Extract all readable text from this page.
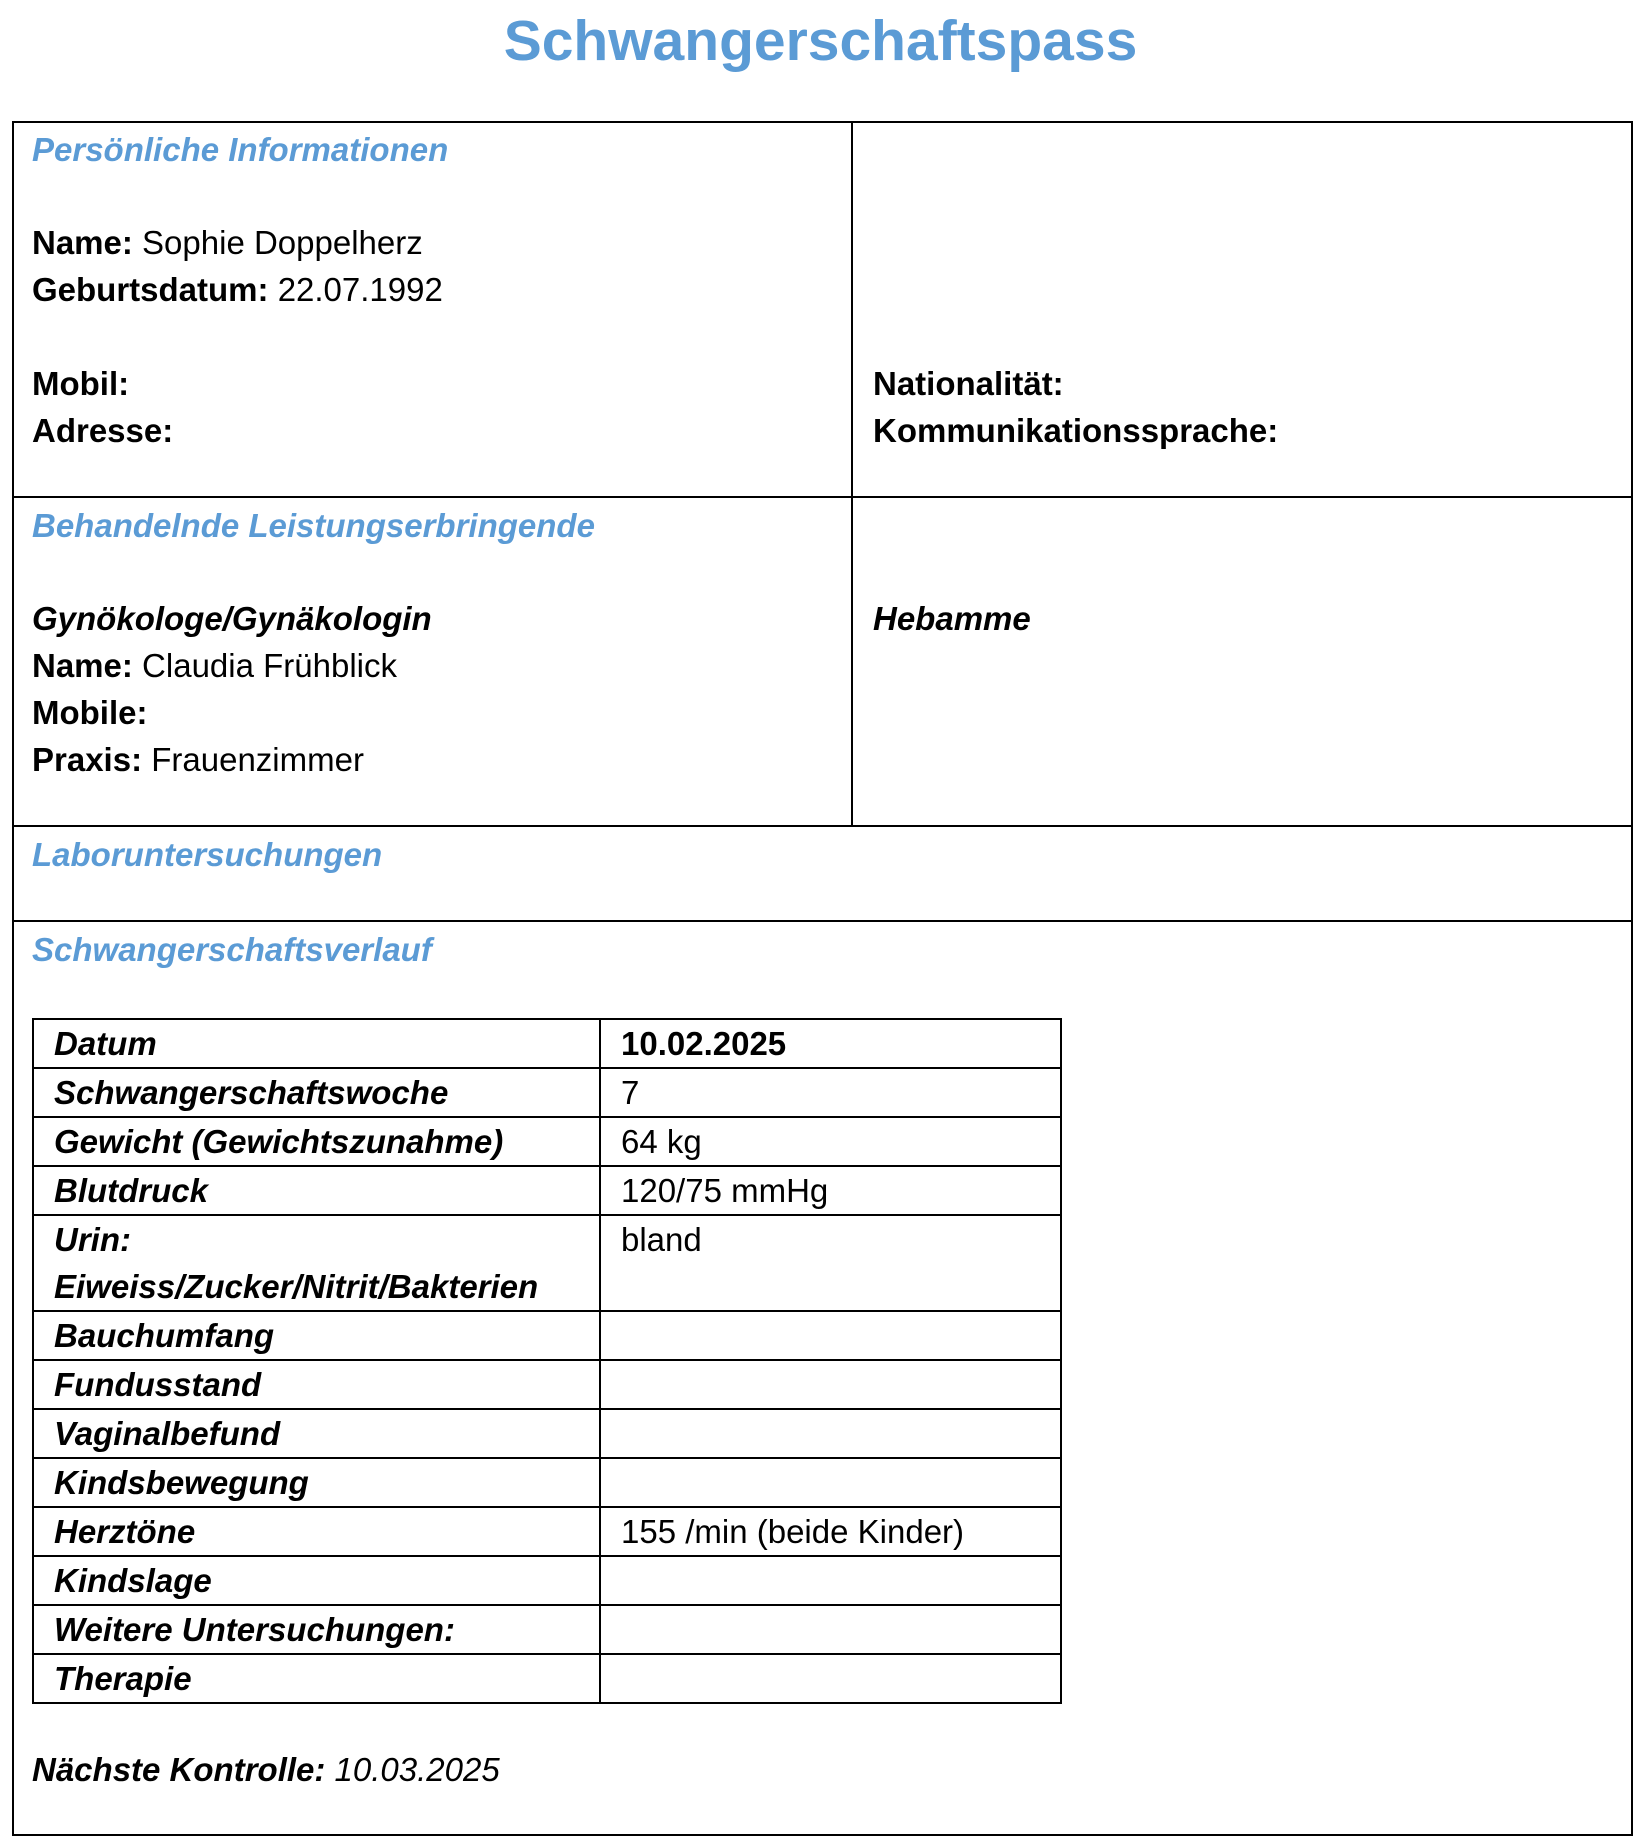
Schwangerschaftspass
Persönliche Informationen
Name: Sophie Doppelherz
Geburtsdatum: 22.07.1992
Mobil:
Adresse:
Nationalität:
Kommunikationssprache:
Behandelnde Leistungserbringende
Gynökologe/Gynäkologin
Name: Claudia Frühblick
Mobile:
Praxis: Frauenzimmer
Hebamme
Laboruntersuchungen
Schwangerschaftsverlauf
Datum	10.02.2025
Schwangerschaftswoche	7
Gewicht (Gewichtszunahme)	64 kg
Blutdruck	120/75 mmHg
Urin:
Eiweiss/Zucker/Nitrit/Bakterien	bland
Bauchumfang	
Fundusstand	
Vaginalbefund	
Kindsbewegung	
Herztöne	155 /min (beide Kinder)
Kindslage	
Weitere Untersuchungen:	
Therapie	
Nächste Kontrolle: 10.03.2025
